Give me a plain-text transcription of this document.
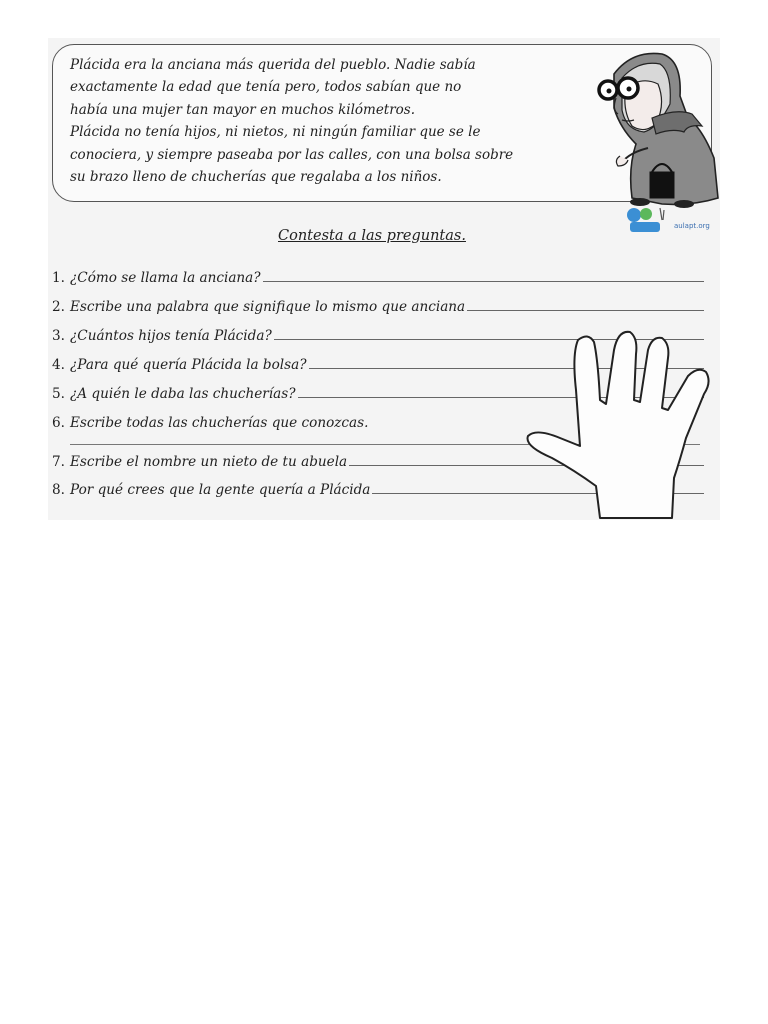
Plácida era la anciana más querida del pueblo. Nadie sabía

exactamente la edad que tenía pero, todos sabían que no

había una mujer tan mayor en muchos kilómetros.

Plácida no tenía hijos, ni nietos, ni ningún familiar que se le

conociera, y siempre paseaba por las calles, con una bolsa sobre

su brazo lleno de chucherías que regalaba a los niños.

aulapt.org
Contesta a las preguntas.
1. ¿Cómo se llama la anciana?
2. Escribe una palabra que signifique lo mismo que anciana
3. ¿Cuántos hijos tenía Plácida?
4. ¿Para qué quería Plácida la bolsa?
5. ¿A quién le daba las chucherías?
6. Escribe todas las chucherías que conozcas.
7. Escribe el nombre un nieto de tu abuela
8. Por qué crees que la gente quería a Plácida
